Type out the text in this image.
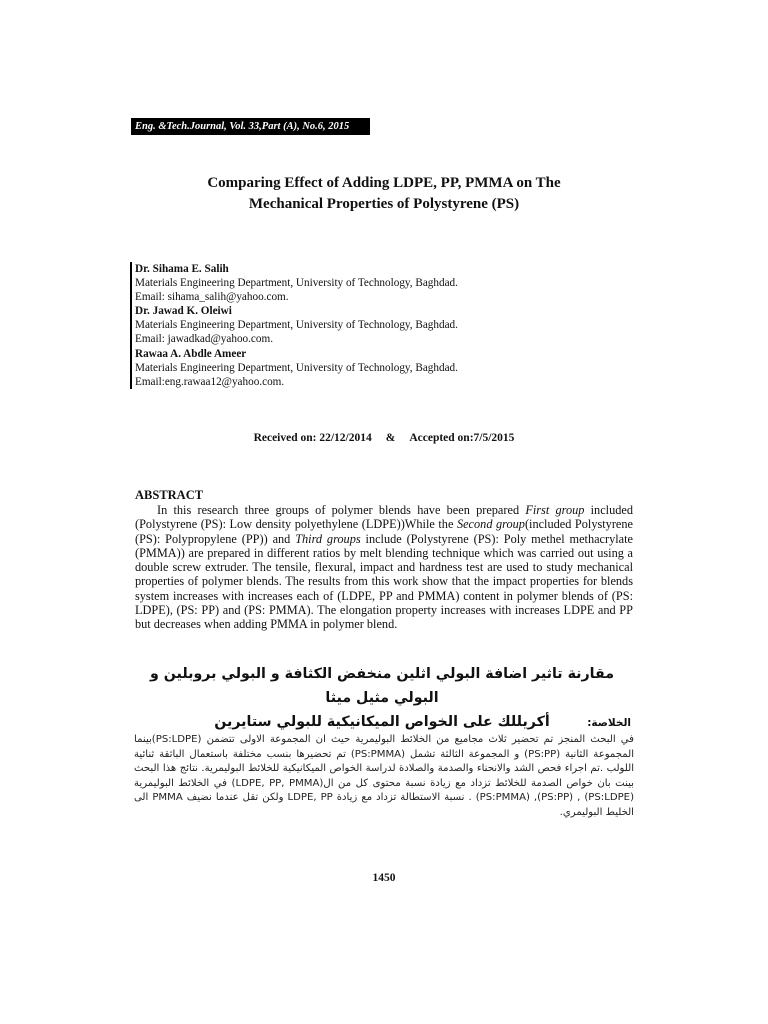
Eng. &Tech.Journal, Vol. 33,Part (A), No.6, 2015
Comparing Effect of Adding LDPE, PP, PMMA on The
Mechanical Properties of Polystyrene (PS)
Dr. Sihama E. Salih
Materials Engineering Department, University of Technology, Baghdad.
Email: sihama_salih@yahoo.com.
Dr. Jawad K. Oleiwi
Materials Engineering Department, University of Technology, Baghdad.
Email: jawadkad@yahoo.com.
Rawaa A. Abdle Ameer
Materials Engineering Department, University of Technology, Baghdad.
Email:eng.rawaa12@yahoo.com.
Received on: 22/12/2014 & Accepted on:7/5/2015
ABSTRACT

In this research three groups of polymer blends have been prepared First group included (Polystyrene (PS): Low density polyethylene (LDPE))While the Second group(included Polystyrene (PS): Polypropylene (PP)) and Third groups include (Polystyrene (PS): Poly methel methacrylate (PMMA)) are prepared in different ratios by melt blending technique which was carried out using a double screw extruder. The tensile, flexural, impact and hardness test are used to study mechanical properties of polymer blends. The results from this work show that the impact properties for blends system increases with increases each of (LDPE, PP and PMMA) content in polymer blends of (PS: LDPE), (PS: PP) and (PS: PMMA). The elongation property increases with increases LDPE and PP but decreases when adding PMMA in polymer blend.

مقارنة تاثير اضافة البولي اثلين منخفض الكثافة و البولي بروبلين و البولي مثيل ميثا
أكريللك على الخواص الميكانيكية للبولي ستايرين	الخلاصة:
في البحث المنجز تم تحضير ثلاث مجاميع من الخلائط البوليمرية حيث ان المجموعة الاولى تتضمن (PS:LDPE)بينما المجموعة الثانية (PS:PP) و المجموعة الثالثة تشمل (PS:PMMA) تم تحضيرها بنسب مختلفة باستعمال الباثقة ثنائية اللولب .تم اجراء فحص الشد والانحناء والصدمة والصلادة لدراسة الخواص الميكانيكية للخلائط البوليمرية. نتائج هذا البحث بينت بان خواص الصدمة للخلائط تزداد مع زيادة نسبة محتوى كل من ال(LDPE, PP, PMMA) في الخلائط البوليمرية (PS:LDPE) , (PS:PP), (PS:PMMA) . نسبة الاستطالة تزداد مع زيادة LDPE, PP ولكن تقل عندما نضيف PMMA الى الخليط البوليمري.
1450
